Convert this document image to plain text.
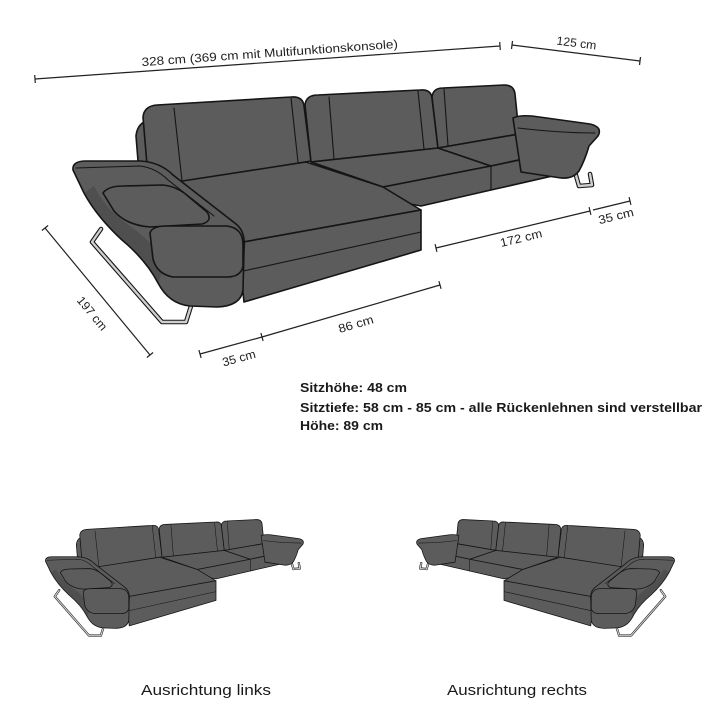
328 cm (369 cm mit Multifunktionskonsole)	125 cm
172 cm
35 cm
197 cm
35 cm
86 cm
Sitzhöhe: 48 cm
Sitztiefe: 58 cm - 85 cm - alle Rückenlehnen sind verstellbar
Höhe: 89 cm
Ausrichtung links	Ausrichtung rechts
